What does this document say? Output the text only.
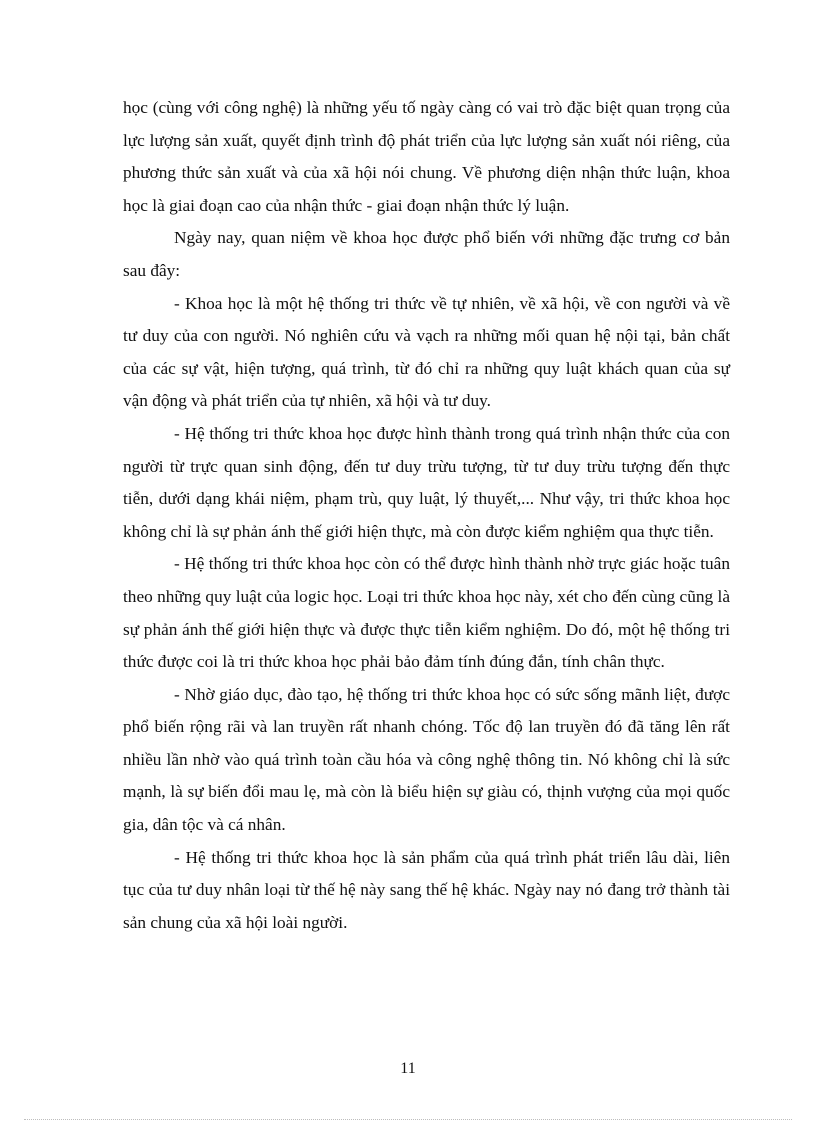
học (cùng với công nghệ) là những yếu tố ngày càng có vai trò đặc biệt quan trọng của lực lượng sản xuất, quyết định trình độ phát triển của lực lượng sản xuất nói riêng, của phương thức sản xuất và của xã hội nói chung. Về phương diện nhận thức luận, khoa học là giai đoạn cao của nhận thức - giai đoạn nhận thức lý luận.

Ngày nay, quan niệm về khoa học được phổ biến với những đặc trưng cơ bản sau đây:

- Khoa học là một hệ thống tri thức về tự nhiên, về xã hội, về con người và về tư duy của con người. Nó nghiên cứu và vạch ra những mối quan hệ nội tại, bản chất của các sự vật, hiện tượng, quá trình, từ đó chỉ ra những quy luật khách quan của sự vận động và phát triển của tự nhiên, xã hội và tư duy.

- Hệ thống tri thức khoa học được hình thành trong quá trình nhận thức của con người từ trực quan sinh động, đến tư duy trừu tượng, từ tư duy trừu tượng đến thực tiễn, dưới dạng khái niệm, phạm trù, quy luật, lý thuyết,... Như vậy, tri thức khoa học không chỉ là sự phản ánh thế giới hiện thực, mà còn được kiểm nghiệm qua thực tiễn.

- Hệ thống tri thức khoa học còn có thể được hình thành nhờ trực giác hoặc tuân theo những quy luật của logic học. Loại tri thức khoa học này, xét cho đến cùng cũng là sự phản ánh thế giới hiện thực và được thực tiễn kiểm nghiệm. Do đó, một hệ thống tri thức được coi là tri thức khoa học phải bảo đảm tính đúng đắn, tính chân thực.

- Nhờ giáo dục, đào tạo, hệ thống tri thức khoa học có sức sống mãnh liệt, được phổ biến rộng rãi và lan truyền rất nhanh chóng. Tốc độ lan truyền đó đã tăng lên rất nhiều lần nhờ vào quá trình toàn cầu hóa và công nghệ thông tin. Nó không chỉ là sức mạnh, là sự biến đổi mau lẹ, mà còn là biểu hiện sự giàu có, thịnh vượng của mọi quốc gia, dân tộc và cá nhân.

- Hệ thống tri thức khoa học là sản phẩm của quá trình phát triển lâu dài, liên tục của tư duy nhân loại từ thế hệ này sang thế hệ khác. Ngày nay nó đang trở thành tài sản chung của xã hội loài người.

11
